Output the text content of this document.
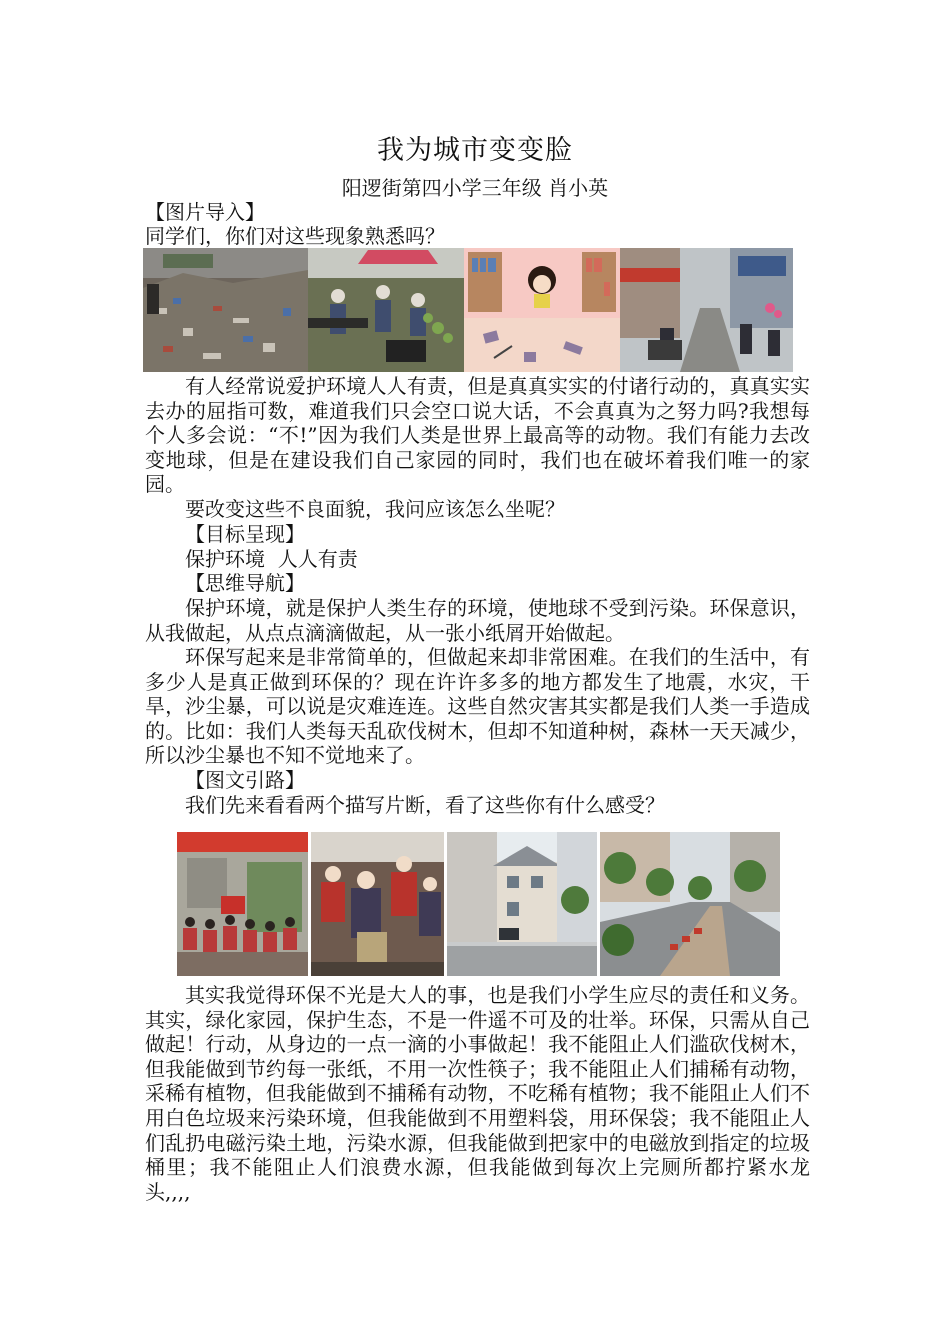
我为城市变变脸
阳逻街第四小学三年级 肖小英
【图片导入】
同学们，你们对这些现象熟悉吗？
有人经常说爱护环境人人有责，但是真真实实的付诸行动的，真真实实去办的屈指可数，难道我们只会空口说大话，不会真真为之努力吗?我想每个人多会说：“不!”因为我们人类是世界上最高等的动物。我们有能力去改变地球，但是在建设我们自己家园的同时，我们也在破坏着我们唯一的家园。
要改变这些不良面貌，我问应该怎么坐呢？
【目标呈现】
保护环境  人人有责
【思维导航】
保护环境，就是保护人类生存的环境，使地球不受到污染。环保意识，从我做起，从点点滴滴做起，从一张小纸屑开始做起。
环保写起来是非常简单的，但做起来却非常困难。在我们的生活中，有多少人是真正做到环保的？现在许许多多的地方都发生了地震，水灾，干旱，沙尘暴，可以说是灾难连连。这些自然灾害其实都是我们人类一手造成的。比如：我们人类每天乱砍伐树木，但却不知道种树，森林一天天减少，所以沙尘暴也不知不觉地来了。
【图文引路】
我们先来看看两个描写片断，看了这些你有什么感受？
其实我觉得环保不光是大人的事，也是我们小学生应尽的责任和义务。其实，绿化家园，保护生态，不是一件遥不可及的壮举。环保，只需从自己做起！行动，从身边的一点一滴的小事做起！我不能阻止人们滥砍伐树木，但我能做到节约每一张纸，不用一次性筷子；我不能阻止人们捕稀有动物，采稀有植物，但我能做到不捕稀有动物，不吃稀有植物；我不能阻止人们不用白色垃圾来污染环境，但我能做到不用塑料袋，用环保袋；我不能阻止人们乱扔电磁污染土地，污染水源，但我能做到把家中的电磁放到指定的垃圾桶里；我不能阻止人们浪费水源，但我能做到每次上完厕所都拧紧水龙头,,,,
